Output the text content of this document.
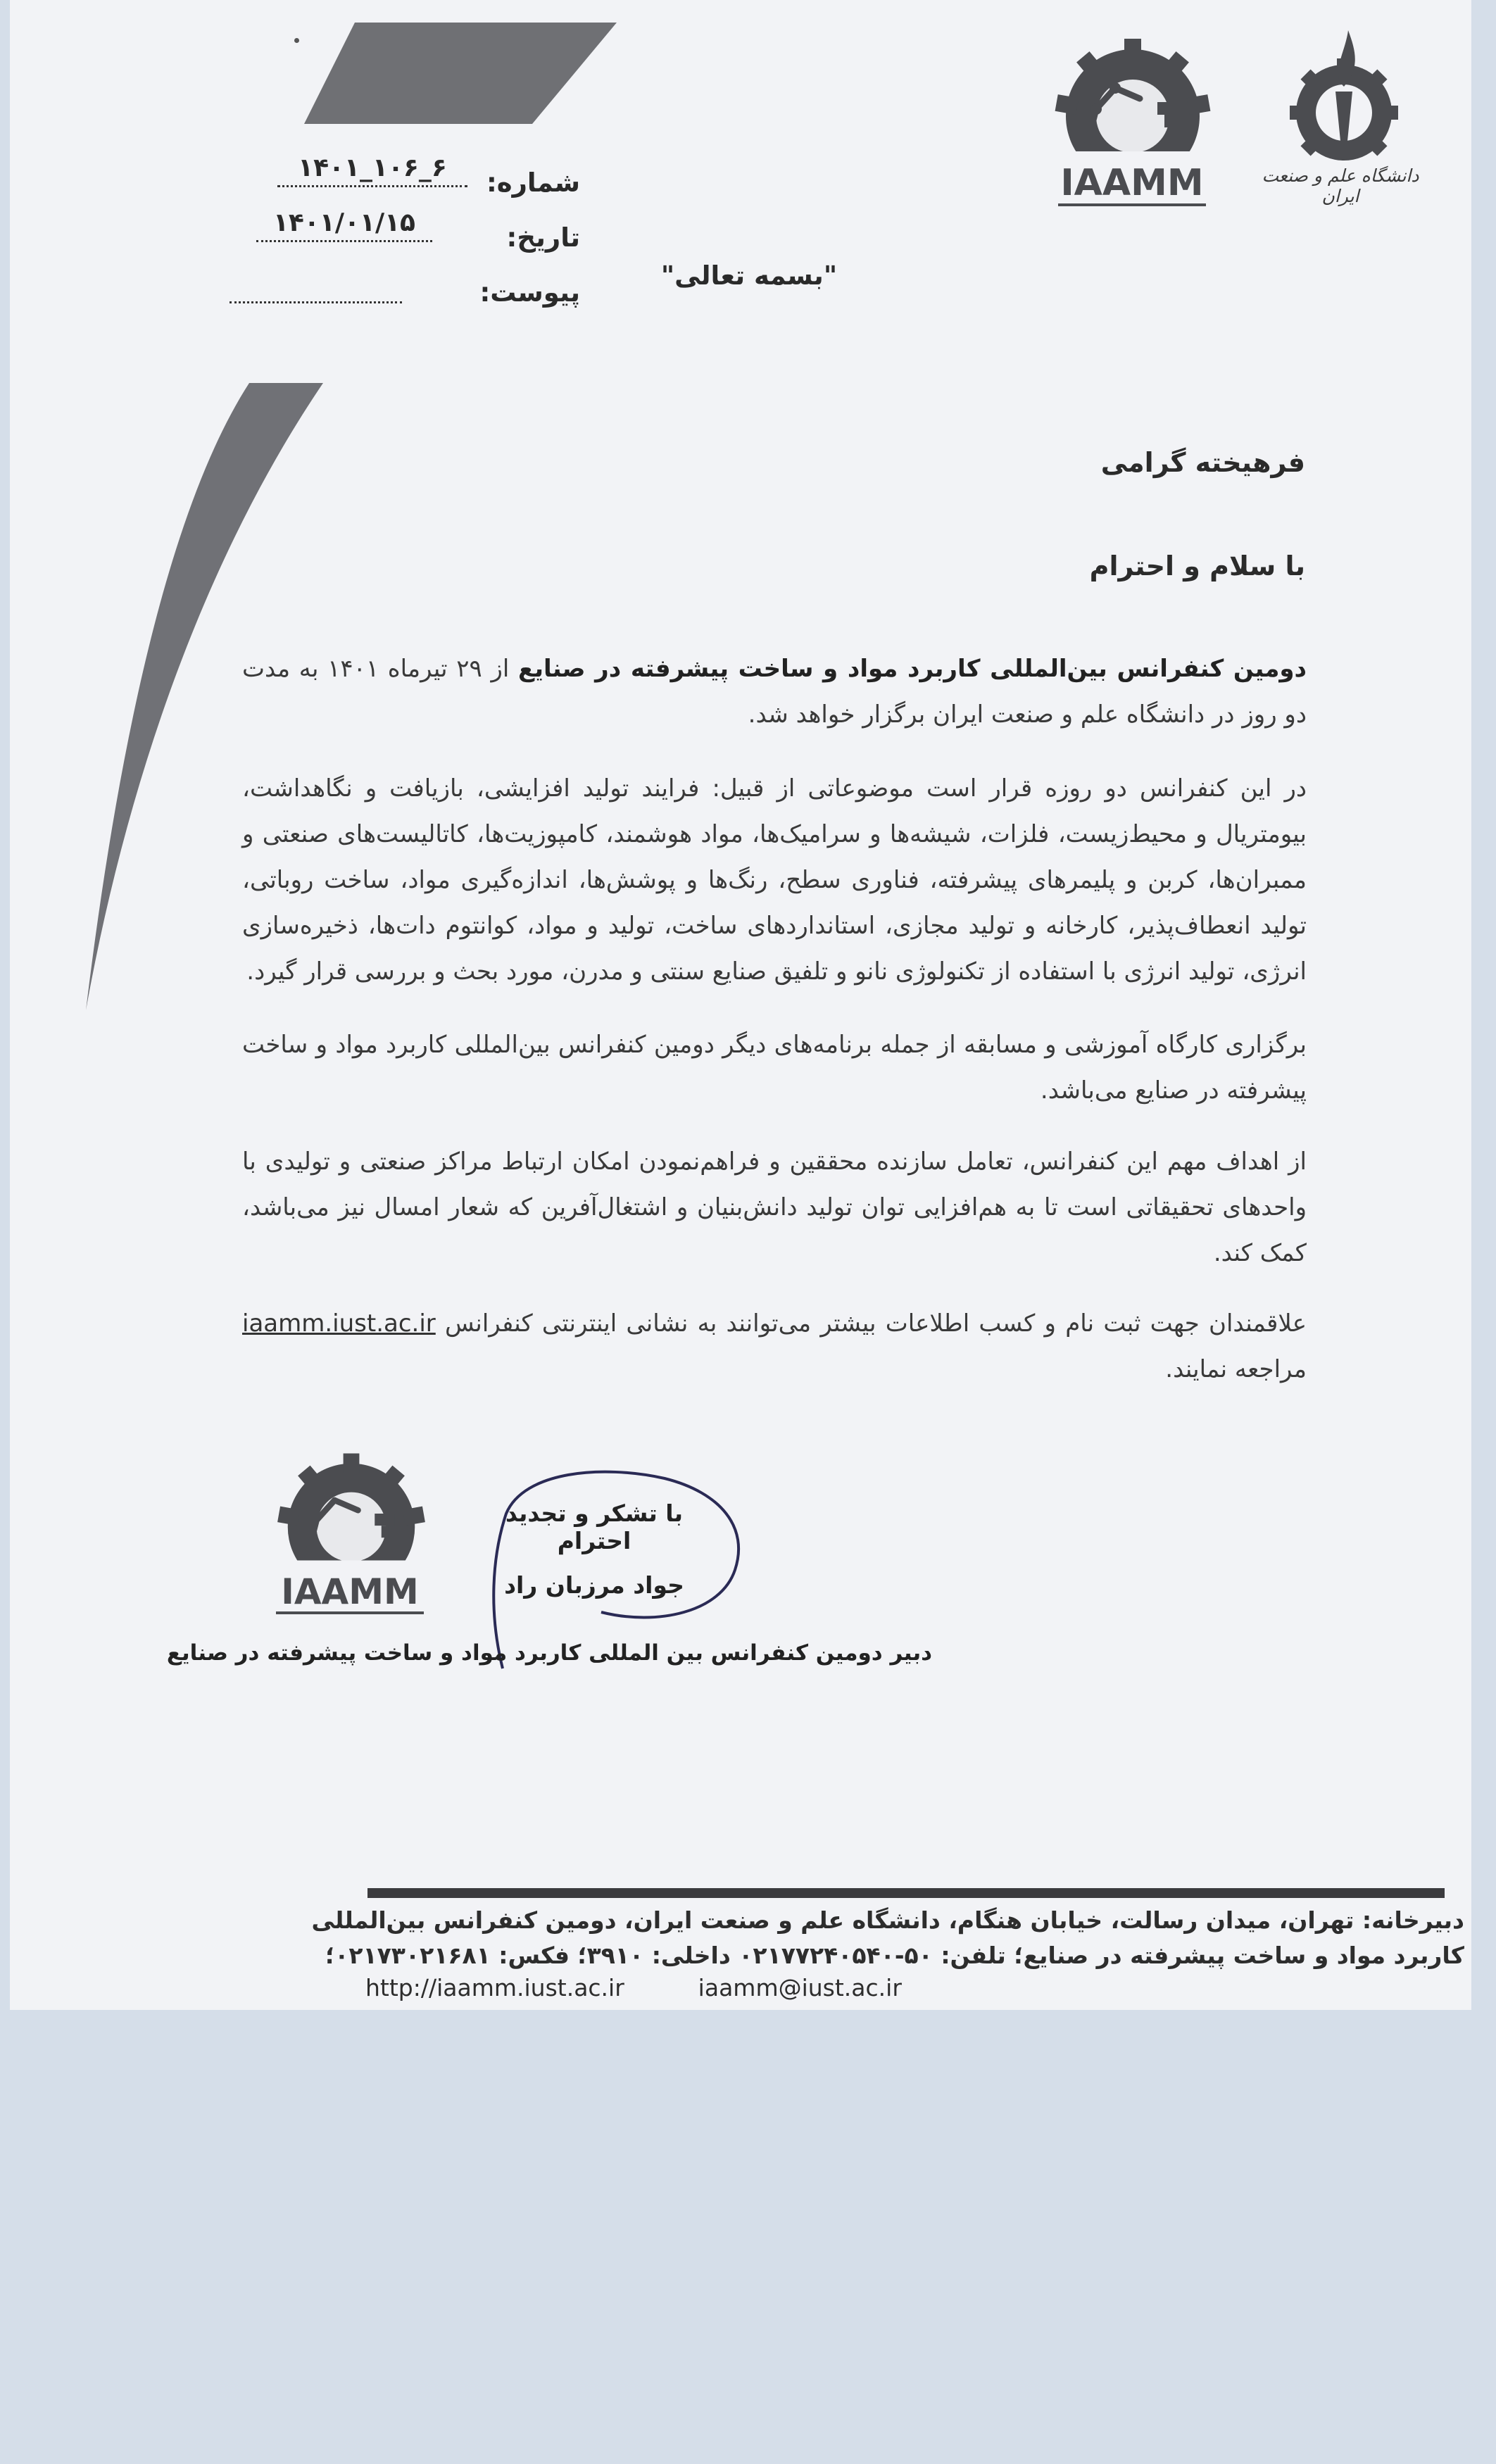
IAAMM	دانشگاه علم و صنعت ایران
شماره:
۶_۱۰۶_۱۴۰۱
تاریخ:
۱۴۰۱/۰۱/۱۵
پیوست:
"بسمه تعالی"
فرهیخته گرامی
با سلام و احترام
دومین کنفرانس بین‌المللی کاربرد مواد و ساخت پیشرفته در صنایع از ۲۹ تیرماه ۱۴۰۱ به مدت دو روز در دانشگاه علم و صنعت ایران برگزار خواهد شد.
در این کنفرانس دو روزه قرار است موضوعاتی از قبیل: فرایند تولید افزایشی، بازیافت و نگاهداشت، بیومتریال و محیط‌زیست، فلزات، شیشه‌ها و سرامیک‌ها، مواد هوشمند، کامپوزیت‌ها، کاتالیست‌های صنعتی و ممبران‌ها، کربن و پلیمرهای پیشرفته، فناوری سطح، رنگ‌ها و پوشش‌ها، اندازه‌گیری مواد، ساخت روباتی، تولید انعطاف‌پذیر، کارخانه و تولید مجازی، استانداردهای ساخت، تولید و مواد، کوانتوم دات‌ها، ذخیره‌سازی انرژی، تولید انرژی با استفاده از تکنولوژی نانو و تلفیق صنایع سنتی و مدرن، مورد بحث و بررسی قرار گیرد.
برگزاری کارگاه آموزشی و مسابقه از جمله برنامه‌های دیگر دومین کنفرانس بین‌المللی کاربرد مواد و ساخت پیشرفته در صنایع می‌باشد.
از اهداف مهم این کنفرانس، تعامل سازنده محققین و فراهم‌نمودن امکان ارتباط مراکز صنعتی و تولیدی با واحدهای تحقیقاتی است تا به هم‌افزایی توان تولید دانش‌بنیان و اشتغال‌آفرین که شعار امسال نیز می‌باشد، کمک کند.
علاقمندان جهت ثبت نام و کسب اطلاعات بیشتر می‌توانند به نشانی اینترنتی کنفرانس iaamm.iust.ac.ir مراجعه نمایند.
IAAMM
با تشکر و تجدید احترام
جواد مرزبان راد
دبیر دومین کنفرانس بین المللی کاربرد مواد و ساخت پیشرفته در صنایع
دبیرخانه: تهران، میدان رسالت، خیابان هنگام، دانشگاه علم و صنعت ایران، دومین کنفرانس بین‌المللی
کاربرد مواد و ساخت پیشرفته در صنایع؛ تلفن: ۵۰-۰۲۱۷۷۲۴۰۵۴۰ داخلی: ۳۹۱۰؛ فکس: ۰۲۱۷۳۰۲۱۶۸۱؛
http://iaamm.iust.ac.ir          iaamm@iust.ac.ir
